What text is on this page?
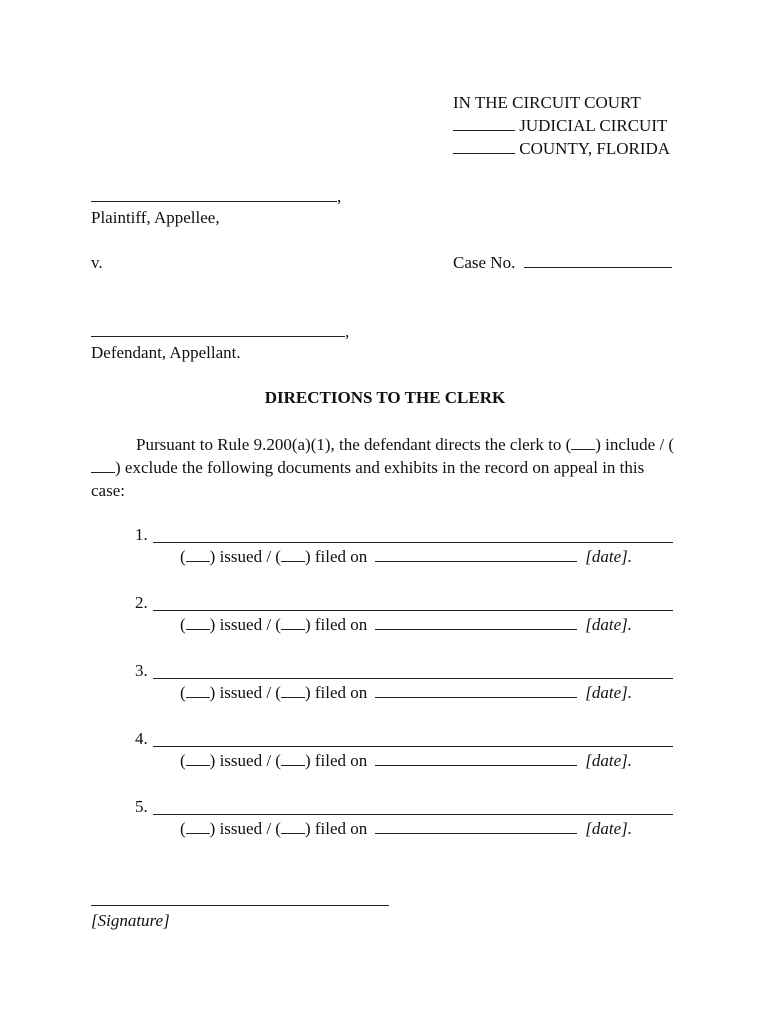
IN THE CIRCUIT COURT
JUDICIAL CIRCUIT
COUNTY, FLORIDA
,
Plaintiff, Appellee,
v.	Case No.
,
Defendant, Appellant.
DIRECTIONS TO THE CLERK
Pursuant to Rule 9.200(a)(1), the defendant directs the clerk to ( ) include / () exclude the following documents and exhibits in the record on appeal in this case:
1.
( ) issued / ( ) filed on	[date].
2.
( ) issued / ( ) filed on	[date].
3.
( ) issued / ( ) filed on	[date].
4.
( ) issued / ( ) filed on	[date].
5.
( ) issued / ( ) filed on	[date].
[Signature]
